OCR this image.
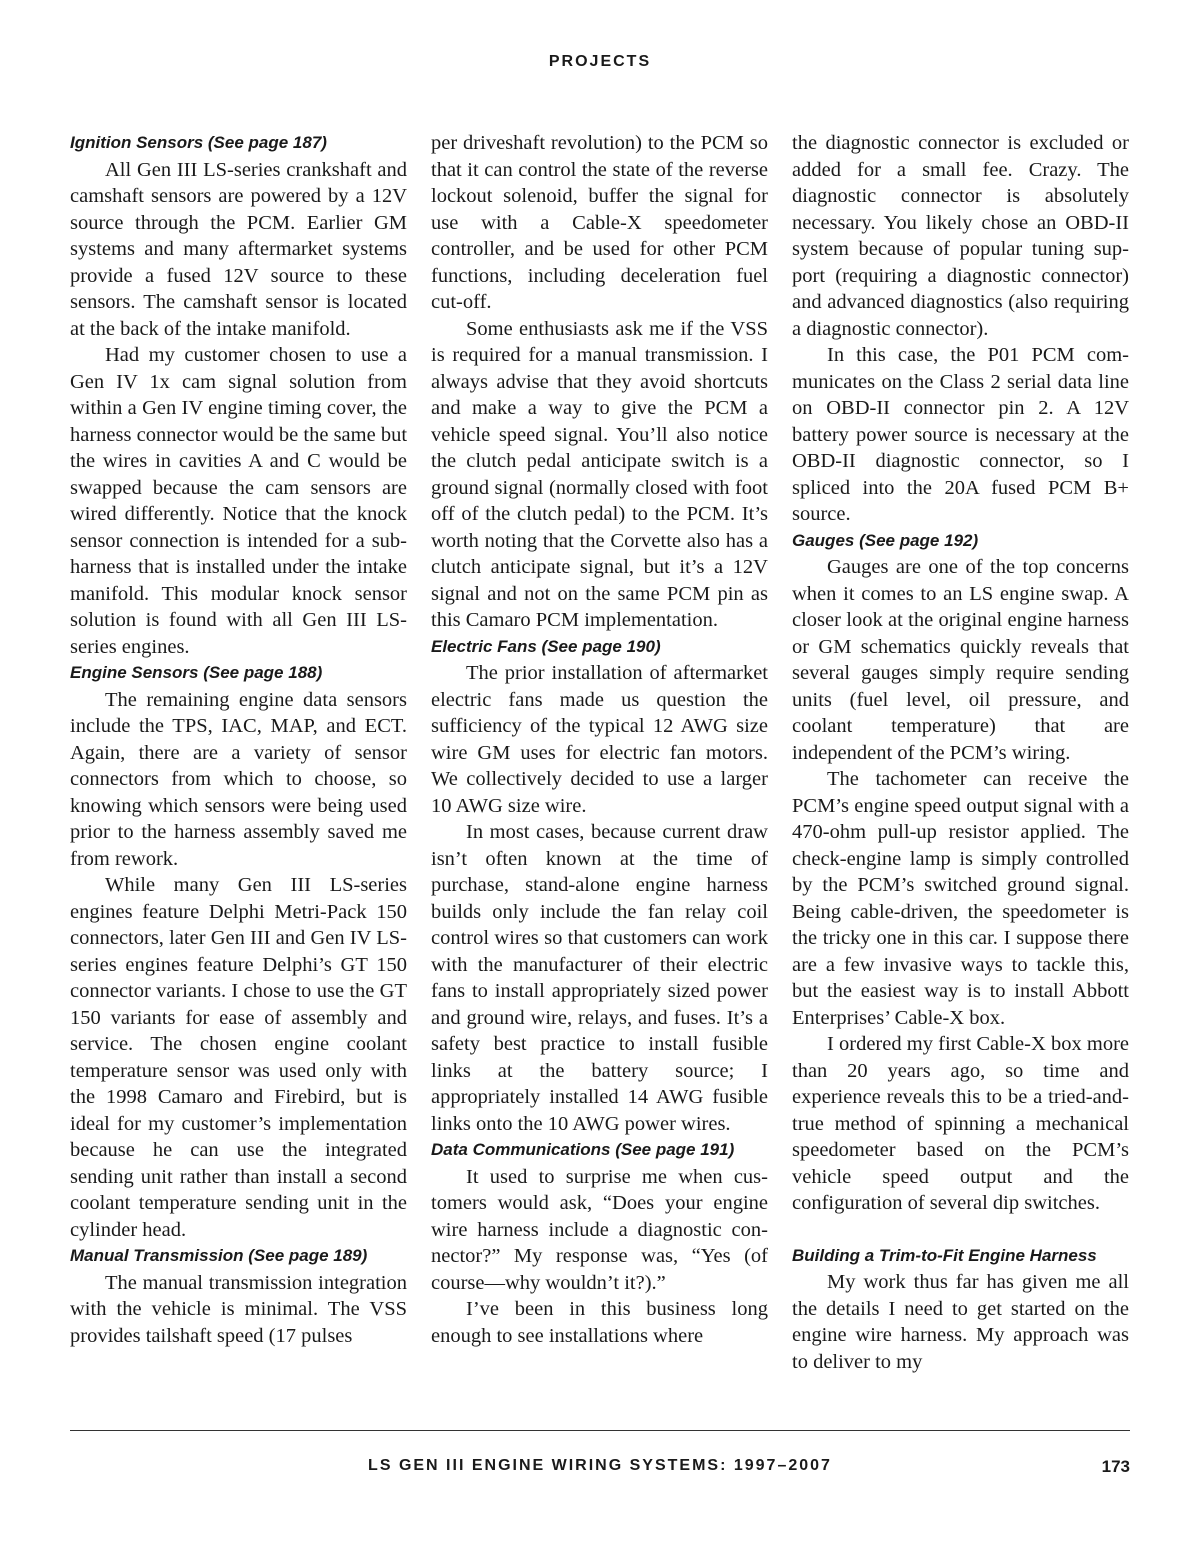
PROJECTS
Ignition Sensors (See page 187)

All Gen III LS-series crankshaft and camshaft sensors are powered by a 12V source through the PCM. Earlier GM systems and many aftermarket systems provide a fused 12V source to these sensors. The camshaft sensor is located at the back of the intake manifold.

Had my customer chosen to use a Gen IV 1x cam signal solution from within a Gen IV engine timing cover, the harness connector would be the same but the wires in cavities A and C would be swapped because the cam sensors are wired differently. Notice that the knock sensor connection is intended for a sub-harness that is installed under the intake manifold. This modular knock sensor solution is found with all Gen III LS-series engines.

Engine Sensors (See page 188)

The remaining engine data sensors include the TPS, IAC, MAP, and ECT. Again, there are a variety of sensor connectors from which to choose, so knowing which sensors were being used prior to the harness assembly saved me from rework.

While many Gen III LS-series engines feature Delphi Metri-Pack 150 connectors, later Gen III and Gen IV LS-series engines feature Delphi’s GT 150 connector variants. I chose to use the GT 150 variants for ease of assembly and service. The chosen engine coolant temperature sensor was used only with the 1998 Camaro and Firebird, but is ideal for my customer’s implementation because he can use the integrated sending unit rather than install a second coolant temperature sending unit in the cylinder head.

Manual Transmission (See page 189)

The manual transmission integration with the vehicle is minimal. The VSS provides tailshaft speed (17 pulses

per driveshaft revolution) to the PCM so that it can control the state of the reverse lockout solenoid, buffer the signal for use with a Cable-X speedometer controller, and be used for other PCM functions, including deceleration fuel cut-off.

Some enthusiasts ask me if the VSS is required for a manual transmission. I always advise that they avoid shortcuts and make a way to give the PCM a vehicle speed signal. You’ll also notice the clutch pedal anticipate switch is a ground signal (normally closed with foot off of the clutch pedal) to the PCM. It’s worth noting that the Corvette also has a clutch anticipate signal, but it’s a 12V signal and not on the same PCM pin as this Camaro PCM implementation.

Electric Fans (See page 190)

The prior installation of aftermarket electric fans made us question the sufficiency of the typical 12 AWG size wire GM uses for electric fan motors. We collectively decided to use a larger 10 AWG size wire.

In most cases, because current draw isn’t often known at the time of purchase, stand-alone engine harness builds only include the fan relay coil control wires so that customers can work with the manufacturer of their electric fans to install appropriately sized power and ground wire, relays, and fuses. It’s a safety best practice to install fusible links at the battery source; I appropriately installed 14 AWG fusible links onto the 10 AWG power wires.

Data Communications (See page 191)

It used to surprise me when customers would ask, “Does your engine wire harness include a diagnostic connector?” My response was, “Yes (of course—why wouldn’t it?).”

I’ve been in this business long enough to see installations where

the diagnostic connector is excluded or added for a small fee. Crazy. The diagnostic connector is absolutely necessary. You likely chose an OBD-II system because of popular tuning support (requiring a diagnostic connector) and advanced diagnostics (also requiring a diagnostic connector).

In this case, the P01 PCM communicates on the Class 2 serial data line on OBD-II connector pin 2. A 12V battery power source is necessary at the OBD-II diagnostic connector, so I spliced into the 20A fused PCM B+ source.

Gauges (See page 192)

Gauges are one of the top concerns when it comes to an LS engine swap. A closer look at the original engine harness or GM schematics quickly reveals that several gauges simply require sending units (fuel level, oil pressure, and coolant temperature) that are independent of the PCM’s wiring.

The tachometer can receive the PCM’s engine speed output signal with a 470-ohm pull-up resistor applied. The check-engine lamp is simply controlled by the PCM’s switched ground signal. Being cable-driven, the speedometer is the tricky one in this car. I suppose there are a few invasive ways to tackle this, but the easiest way is to install Abbott Enterprises’ Cable-X box.

I ordered my first Cable-X box more than 20 years ago, so time and experience reveals this to be a tried-and-true method of spinning a mechanical speedometer based on the PCM’s vehicle speed output and the configuration of several dip switches.

Building a Trim-to-Fit Engine Harness

My work thus far has given me all the details I need to get started on the engine wire harness. My approach was to deliver to my

LS GEN III ENGINE WIRING SYSTEMS: 1997–2007	173
